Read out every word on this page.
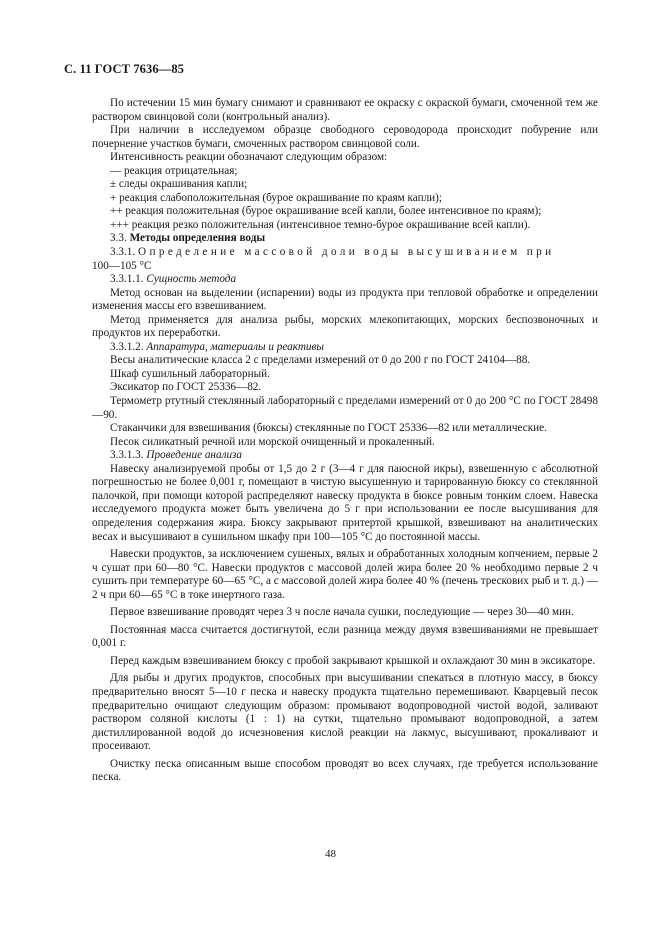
С. 11 ГОСТ 7636—85

По истечении 15 мин бумагу снимают и сравнивают ее окраску с окраской бумаги, смоченной тем же раствором свинцовой соли (контрольный анализ).

При наличии в исследуемом образце свободного сероводорода происходит побурение или почернение участков бумаги, смоченных раствором свинцовой соли.

Интенсивность реакции обозначают следующим образом:

— реакция отрицательная;

± следы окрашивания капли;

+ реакция слабоположительная (бурое окрашивание по краям капли);

++ реакция положительная (бурое окрашивание всей капли, более интенсивное по краям);

+++ реакция резко положительная (интенсивное темно-бурое окрашивание всей капли).

3.3. Методы определения воды

3.3.1. Определение массовой доли воды высушиванием при

100—105 °С

3.3.1.1. Сущность метода

Метод основан на выделении (испарении) воды из продукта при тепловой обработке и определении изменения массы его взвешиванием.

Метод применяется для анализа рыбы, морских млекопитающих, морских беспозвоночных и продуктов их переработки.

3.3.1.2. Аппаратура, материалы и реактивы

Весы аналитические класса 2 с пределами измерений от 0 до 200 г по ГОСТ 24104—88.

Шкаф сушильный лабораторный.

Эксикатор по ГОСТ 25336—82.

Термометр ртутный стеклянный лабораторный с пределами измерений от 0 до 200 °С по ГОСТ 28498—90.

Стаканчики для взвешивания (бюксы) стеклянные по ГОСТ 25336—82 или металлические.

Песок силикатный речной или морской очищенный и прокаленный.

3.3.1.3. Проведение анализа

Навеску анализируемой пробы от 1,5 до 2 г (3—4 г для паюсной икры), взвешенную с абсолютной погрешностью не более 0,001 г, помещают в чистую высушенную и тарированную бюксу со стеклянной палочкой, при помощи которой распределяют навеску продукта в бюксе ровным тонким слоем. Навеска исследуемого продукта может быть увеличена до 5 г при использовании ее после высушивания для определения содержания жира. Бюксу закрывают притертой крышкой, взвешивают на аналитических весах и высушивают в сушильном шкафу при 100—105 °С до постоянной массы.

Навески продуктов, за исключением сушеных, вялых и обработанных холодным копчением, первые 2 ч сушат при 60—80 °С. Навески продуктов с массовой долей жира более 20 % необходимо первые 2 ч сушить при температуре 60—65 °С, а с массовой долей жира более 40 % (печень трескових рыб и т. д.) — 2 ч при 60—65 °С в токе инертного газа.

Первое взвешивание проводят через 3 ч после начала сушки, последующие — через 30—40 мин.

Постоянная масса считается достигнутой, если разница между двумя взвешиваниями не превышает 0,001 г.

Перед каждым взвешиванием бюксу с пробой закрывают крышкой и охлаждают 30 мин в эксикаторе.

Для рыбы и других продуктов, способных при высушивании спекаться в плотную массу, в бюксу предварительно вносят 5—10 г песка и навеску продукта тщательно перемешивают. Кварцевый песок предварительно очищают следующим образом: промывают водопроводной чистой водой, заливают раствором соляной кислоты (1 : 1) на сутки, тщательно промывают водопроводной, а затем дистиллированной водой до исчезновения кислой реакции на лакмус, высушивают, прокаливают и просеивают.

Очистку песка описанным выше способом проводят во всех случаях, где требуется использование песка.

48
